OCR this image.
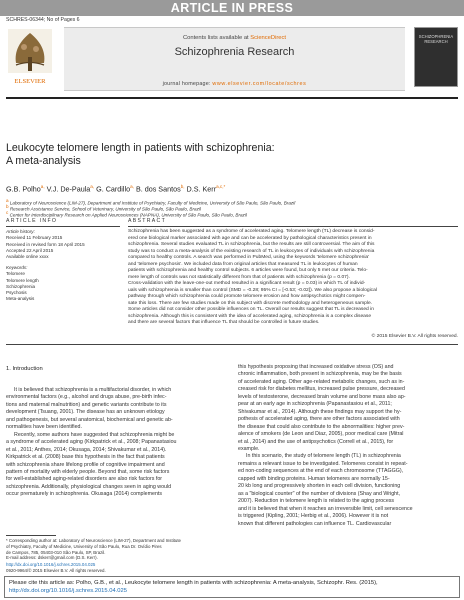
ARTICLE IN PRESS
SCHRES-06344; No of Pages 6
ELSEVIER
Contents lists available at ScienceDirect
Schizophrenia Research
journal homepage: www.elsevier.com/locate/schres
SCHIZOPHRENIA RESEARCH
Leukocyte telomere length in patients with schizophrenia:
A meta-analysis
G.B. Polho$^{a,}$ V.J. De-Paula$^{a,}$ G. Cardillo$^{a,}$ B. dos Santos$^{b,}$ D.S. Kerr$^{a,c,*}$
a Laboratory of Neuroscience (LIM-27), Department and Institute of Psychiatry, Faculty of Medicine, University of São Paulo, São Paulo, Brazil
b Research Assistance Service, School of Veterinary, University of São Paulo, São Paulo, Brazil
c Center for Interdisciplinary Research on Applied Neurosciences (NAPNA), University of São Paulo, São Paulo, Brazil
ARTICLE INFO	ABSTRACT
Article history:
Received 11 February 2015
Received in revised form 18 April 2015
Accepted 22 April 2015
Available online xxxx
Keywords:
Telomere
Telomere length
Schizophrenia
Psychosis
Meta-analysis
Schizophrenia has been suggested as a syndrome of accelerated aging. Telomere length (TL) decrease is consid-
ered one biological marker associated with age and can be accelerated by pathological characteristics present in
schizophrenia. Several studies evaluated TL in schizophrenia, but the results are still controversial. The aim of this
study was to conduct a meta-analysis of the existing research of TL in leukocytes of individuals with schizophrenia
compared to healthy controls. A search was performed in PubMed, using the keywords 'telomere schizophrenia'
and 'telomere psychosis'. We included data from original articles that measured TL in leukocytes of human
patients with schizophrenia and healthy control subjects. 6 articles were found, but only 5 met our criteria. Telo-
mere length of controls was not statistically different from that of patients with schizophrenia (p = 0.07).
Cross-validation with the leave-one-out method resulted in a significant result (p = 0.03) in which TL of individ-
uals with schizophrenia is smaller than control (SMD = -0.28; 95% CI = [-0.53; -0.02]). We also propose a biological
pathway through which schizophrenia could promote telomere erosion and how antipsychotics might compen-
sate this loss. There are few studies made on this subject with discrete methodology and heterogeneous sample.
Some articles did not consider other possible influences on TL. Overall our results suggest that TL is decreased in
schizophrenia. Although this is consistent with the idea of accelerated aging, schizophrenia is a complex disease
and there are several factors that influence TL that should be controlled in future studies.
© 2015 Elsevier B.V. All rights reserved.
1. Introduction
It is believed that schizophrenia is a multifactorial disorder, in which
environmental factors (e.g., alcohol and drugs abuse, pre-birth infec-
tions and maternal malnutrition) and genetic variants contribute to its
development (Tsuang, 2001). The disease has an unknown etiology
and pathogenesis, but several anatomical, biochemical and genetic ab-
normalities have been identified.
Recently, some authors have suggested that schizophrenia might be
a syndrome of accelerated aging (Kirkpatrick et al., 2008; Papanastasiou
et al., 2011; Anthes, 2014; Okusaga, 2014; Shivakumar et al., 2014).
Kirkpatrick et al. (2008) base this hypothesis in the fact that patients
with schizophrenia share lifelong profile of cognitive impairment and
pattern of mortality with elderly people. Beyond that, some risk factors
for well-established aging-related disorders are also risk factors for
schizophrenia. Additionally, physiological changes seen in aging would
occur prematurely in schizophrenia. Okusaga (2014) complements
this hypothesis proposing that increased oxidative stress (OS) and
chronic inflammation, both present in schizophrenia, may be the basis
of accelerated aging. Other age-related metabolic changes, such as in-
creased risk for diabetes mellitus, increased pulse pressure, decreased
levels of testosterone, decreased brain volume and bone mass also ap-
pear at an early age in schizophrenia (Papanastasiou et al., 2011;
Shivakumar et al., 2014). Although these findings may support the hy-
pothesis of accelerated aging, there are other factors associated with
the disease that could also contribute to the abnormalities: higher prev-
alence of smokers (de Leon and Diaz, 2005), poor medical care (Mitral
et al., 2014) and the use of antipsychotics (Correll et al., 2015), for
example.
In this scenario, the study of telomere length (TL) in schizophrenia
remains a relevant issue to be investigated. Telomeres consist in repeat-
ed non-coding sequences at the end of each chromosome (TTAGGG),
capped with binding proteins. Human telomeres are normally 15-
20 kb long and progressively shorten in each cell division, functioning
as a "biological counter" of the number of divisions (Shay and Wright,
2007). Reduction in telomere length is related to the aging process
and it is believed that when it reaches an irreversible limit, cell senescence
is triggered (Kipling, 2001; Herbig et al., 2006). However it is not
known that different pathologies can influence TL. Cardiovascular
* Corresponding author at: Laboratory of Neuroscience (LIM-27), Department and Institute
of Psychiatry, Faculty of Medicine, University of São Paulo, Rua Dr. Ovídio Pires
de Campos, 785, 05403-010 São Paulo, SP, Brazil.
E-mail address: dskerr@gmail.com (D.S. Kerr).
http://dx.doi.org/10.1016/j.schres.2015.04.025
0920-9964/© 2015 Elsevier B.V. All rights reserved.
Please cite this article as: Polho, G.B., et al., Leukocyte telomere length in patients with schizophrenia: A meta-analysis, Schizophr. Res. (2015),
http://dx.doi.org/10.1016/j.schres.2015.04.025
